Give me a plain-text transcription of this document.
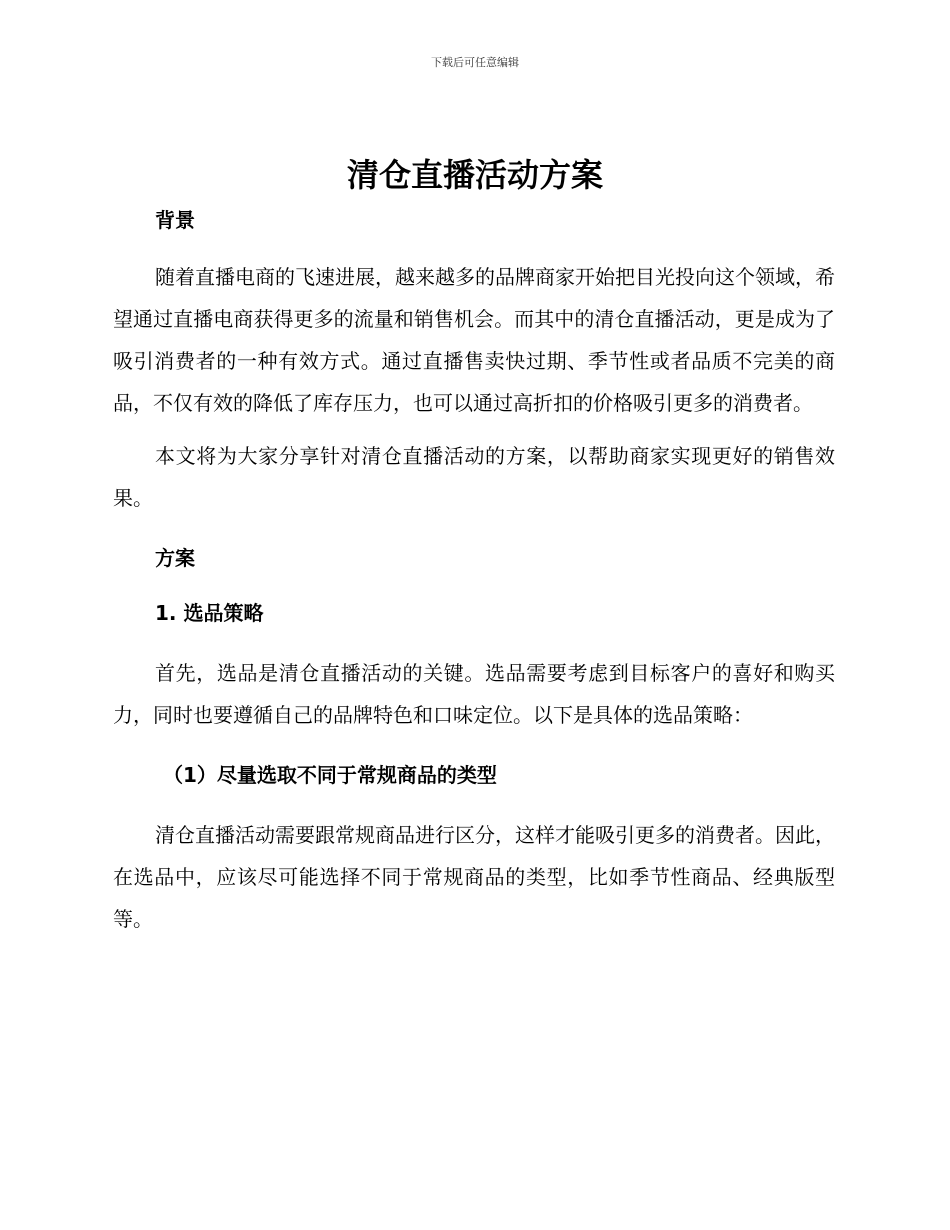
下载后可任意编辑
清仓直播活动方案

背景

随着直播电商的飞速进展，越来越多的品牌商家开始把目光投向这个领域，希望通过直播电商获得更多的流量和销售机会。而其中的清仓直播活动，更是成为了吸引消费者的一种有效方式。通过直播售卖快过期、季节性或者品质不完美的商品，不仅有效的降低了库存压力，也可以通过高折扣的价格吸引更多的消费者。

本文将为大家分享针对清仓直播活动的方案，以帮助商家实现更好的销售效果。

方案

1. 选品策略

首先，选品是清仓直播活动的关键。选品需要考虑到目标客户的喜好和购买力，同时也要遵循自己的品牌特色和口味定位。以下是具体的选品策略：

（1）尽量选取不同于常规商品的类型

清仓直播活动需要跟常规商品进行区分，这样才能吸引更多的消费者。因此，在选品中，应该尽可能选择不同于常规商品的类型，比如季节性商品、经典版型等。
